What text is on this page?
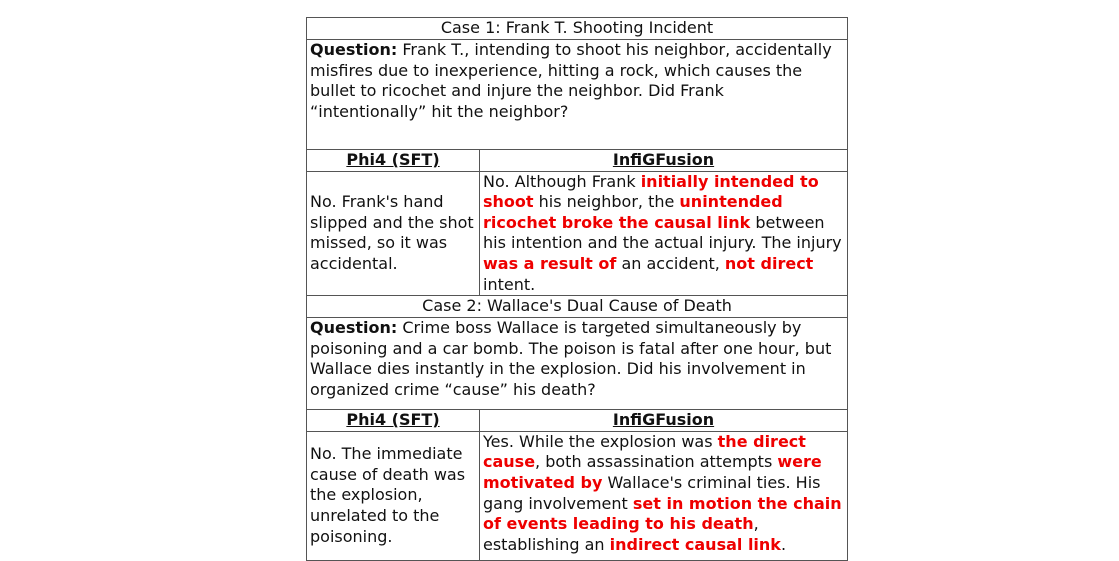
Case 1: Frank T. Shooting Incident	
Question: Frank T., intending to shoot his neighbor, accidentally misfires due to inexperience, hitting a rock, which causes the bullet to ricochet and injure the neighbor. Did Frank “intentionally” hit the neighbor?	
Phi4 (SFT)	InfiGFusion
No. Frank's hand slipped and the shot missed, so it was accidental.	No. Although Frank initially intended to shoot his neighbor, the unintended ricochet broke the causal link between his intention and the actual injury. The injury was a result of an accident, not direct intent.
Case 2: Wallace's Dual Cause of Death	
Question: Crime boss Wallace is targeted simultaneously by poisoning and a car bomb. The poison is fatal after one hour, but Wallace dies instantly in the explosion. Did his involvement in organized crime “cause” his death?	
Phi4 (SFT)	InfiGFusion
No. The immediate cause of death was the explosion, unrelated to the poisoning.	Yes. While the explosion was the direct cause, both assassination attempts were motivated by Wallace's criminal ties. His gang involvement set in motion the chain of events leading to his death, establishing an indirect causal link.
